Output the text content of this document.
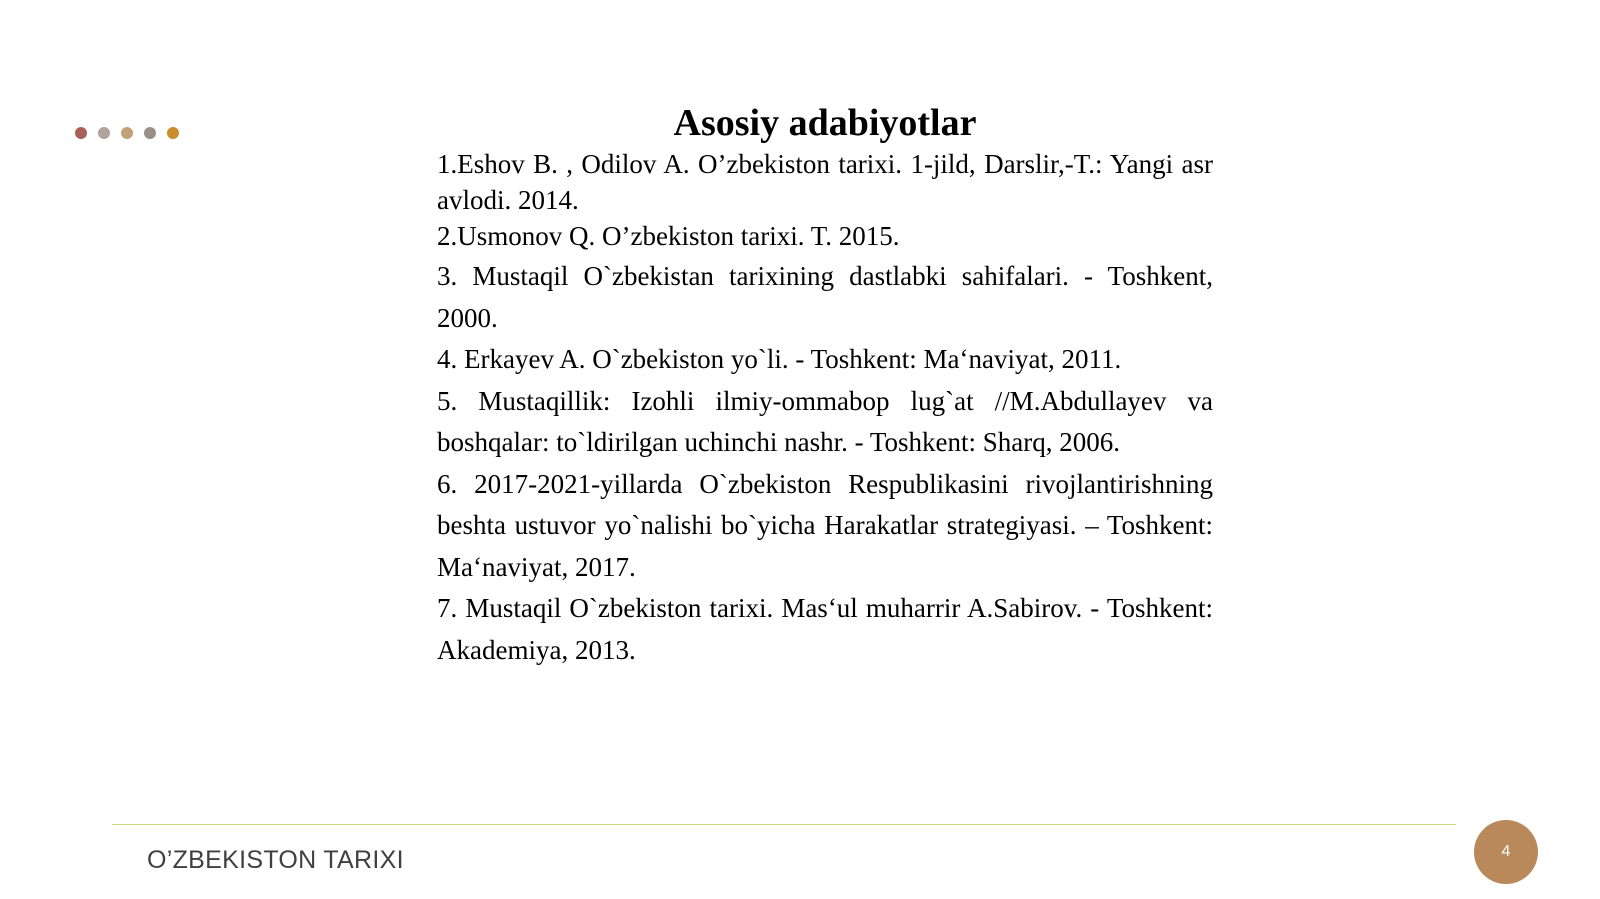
Asosiy adabiyotlar

1.Eshov B. , Odilov A. O’zbekiston tarixi. 1-jild, Darslir,-T.: Yangi asr avlodi. 2014.

2.Usmonov Q. O’zbekiston tarixi. T. 2015.

3. Mustaqil O`zbekistan tarixining dastlabki sahifalari. - Toshkent, 2000.

4. Erkayev A. O`zbekiston yo`li. - Toshkent: Ma‘naviyat, 2011.

5. Mustaqillik: Izohli ilmiy-ommabop lug`at //M.Abdullayev va boshqalar: to`ldirilgan uchinchi nashr. - Toshkent: Sharq, 2006.

6. 2017-2021-yillarda O`zbekiston Respublikasini rivojlantirishning beshta ustuvor yo`nalishi bo`yicha Harakatlar strategiyasi. – Toshkent: Ma‘naviyat, 2017.

7. Mustaqil O`zbekiston tarixi. Mas‘ul muharrir A.Sabirov. - Toshkent: Akademiya, 2013.

O’ZBEKISTON TARIXI	4
